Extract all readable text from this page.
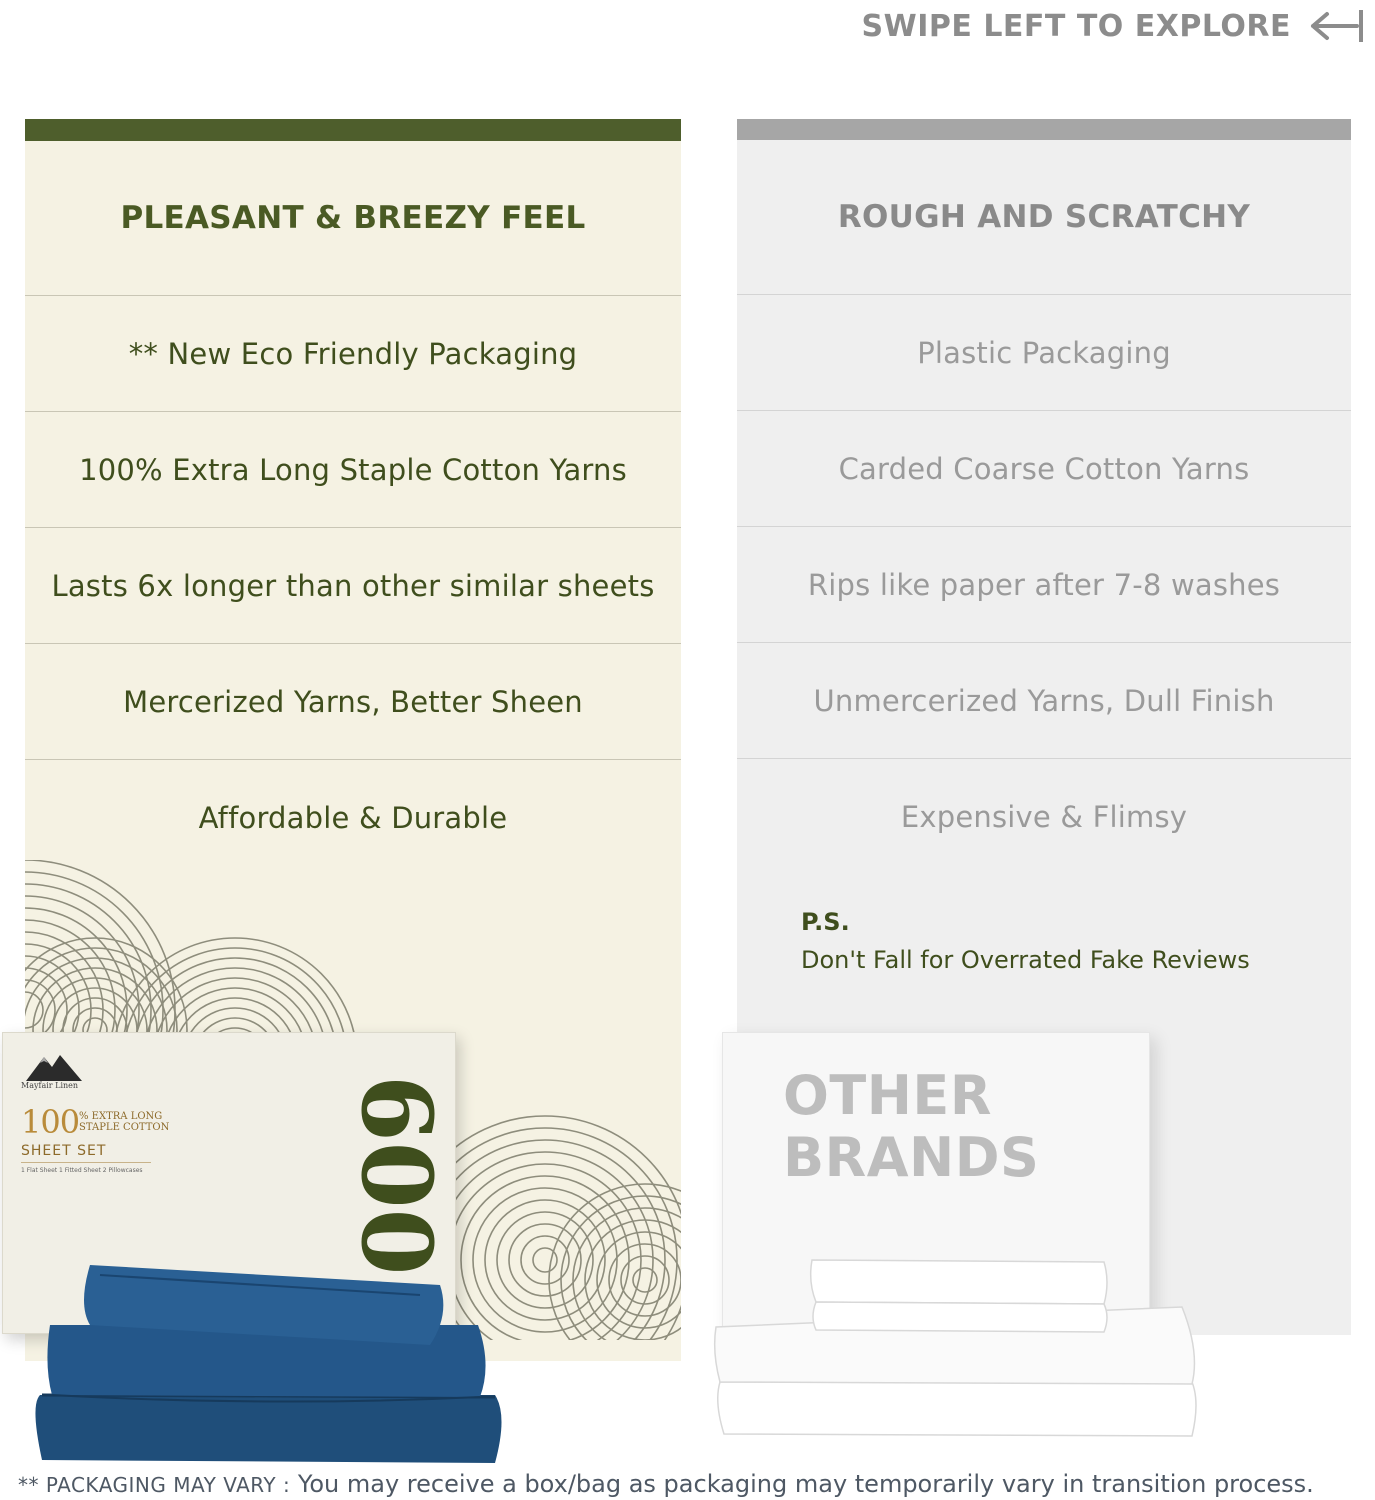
SWIPE LEFT TO EXPLORE
PLEASANT & BREEZY FEEL
** New Eco Friendly Packaging
100% Extra Long Staple Cotton Yarns
Lasts 6x longer than other similar sheets
Mercerized Yarns, Better Sheen
Affordable & Durable
ROUGH AND SCRATCHY
Plastic Packaging
Carded Coarse Cotton Yarns
Rips like paper after 7-8 washes
Unmercerized Yarns, Dull Finish
Expensive & Flimsy
P.S.
Don't Fall for Overrated Fake Reviews
Mayfair Linen
100 % EXTRA LONG
STAPLE COTTON
SHEET SET
1 Flat Sheet 1 Fitted Sheet 2 Pillowcases 600	OTHER
BRANDS
** PACKAGING MAY VARY : You may receive a box/bag as packaging may temporarily vary in transition process.
